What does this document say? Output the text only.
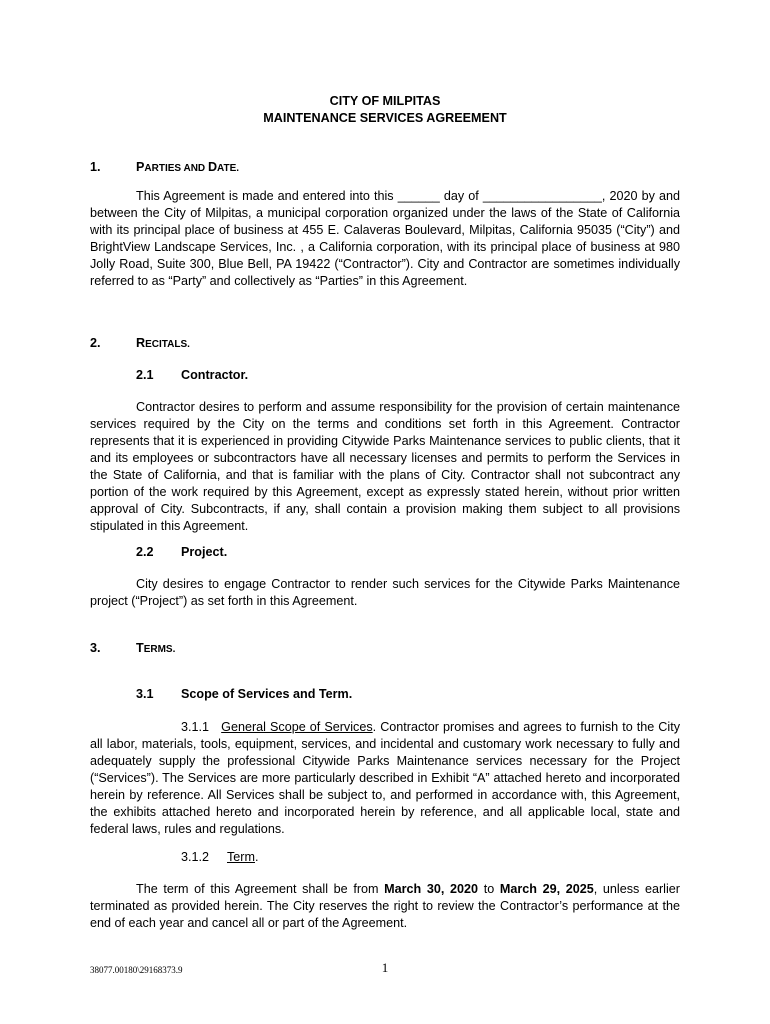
CITY OF MILPITAS
MAINTENANCE SERVICES AGREEMENT
1.	PARTIES AND DATE.

This Agreement is made and entered into this ______ day of _________________, 2020 by and between the City of Milpitas, a municipal corporation organized under the laws of the State of California with its principal place of business at 455 E. Calaveras Boulevard, Milpitas, California 95035 (“City”) and BrightView Landscape Services, Inc. , a California corporation, with its principal place of business at 980 Jolly Road, Suite 300, Blue Bell, PA 19422 (“Contractor”). City and Contractor are sometimes individually referred to as “Party” and collectively as “Parties” in this Agreement.

2.	RECITALS.
2.1 Contractor.

Contractor desires to perform and assume responsibility for the provision of certain maintenance services required by the City on the terms and conditions set forth in this Agreement. Contractor represents that it is experienced in providing Citywide Parks Maintenance services to public clients, that it and its employees or subcontractors have all necessary licenses and permits to perform the Services in the State of California, and that is familiar with the plans of City. Contractor shall not subcontract any portion of the work required by this Agreement, except as expressly stated herein, without prior written approval of City. Subcontracts, if any, shall contain a provision making them subject to all provisions stipulated in this Agreement.

2.2 Project.

City desires to engage Contractor to render such services for the Citywide Parks Maintenance project (“Project”) as set forth in this Agreement.

3.	TERMS.
3.1 Scope of Services and Term.

3.1.1 General Scope of Services. Contractor promises and agrees to furnish to the City all labor, materials, tools, equipment, services, and incidental and customary work necessary to fully and adequately supply the professional Citywide Parks Maintenance services necessary for the Project (“Services”). The Services are more particularly described in Exhibit “A” attached hereto and incorporated herein by reference. All Services shall be subject to, and performed in accordance with, this Agreement, the exhibits attached hereto and incorporated herein by reference, and all applicable local, state and federal laws, rules and regulations.

3.1.2 Term.

The term of this Agreement shall be from March 30, 2020 to March 29, 2025, unless earlier terminated as provided herein. The City reserves the right to review the Contractor’s performance at the end of each year and cancel all or part of the Agreement.

38077.00180\29168373.9	1
